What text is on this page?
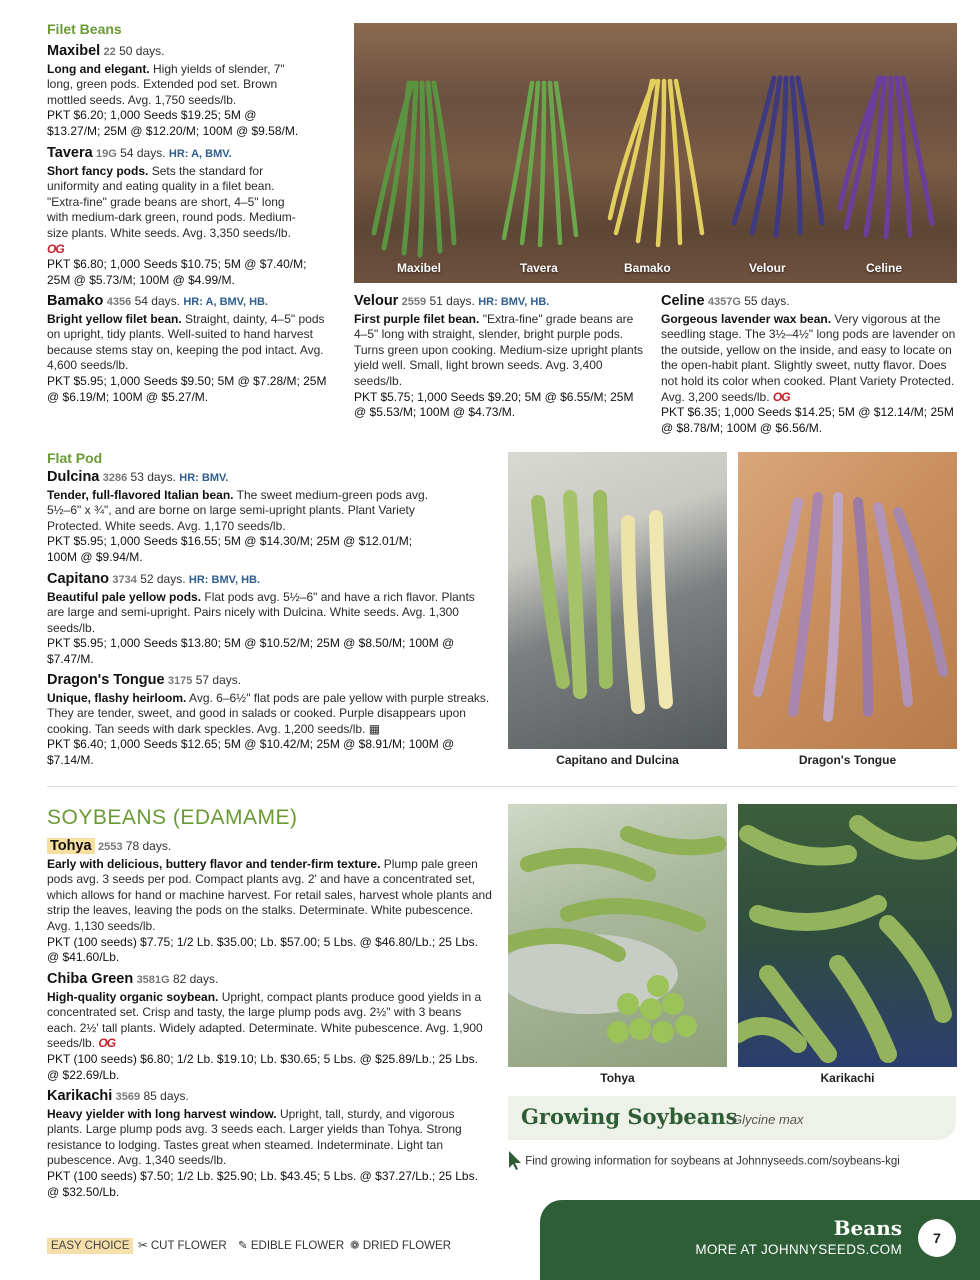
Filet Beans
Maxibel 22 50 days.
Long and elegant. High yields of slender, 7" long, green pods. Extended pod set. Brown mottled seeds. Avg. 1,750 seeds/lb.
PKT $6.20; 1,000 Seeds $19.25; 5M @ $13.27/M; 25M @ $12.20/M; 100M @ $9.58/M.
Tavera 19G 54 days. HR: A, BMV.
Short fancy pods. Sets the standard for uniformity and eating quality in a filet bean. "Extra-fine" grade beans are short, 4–5" long with medium-dark green, round pods. Medium-size plants. White seeds. Avg. 3,350 seeds/lb. OG
PKT $6.80; 1,000 Seeds $10.75; 5M @ $7.40/M; 25M @ $5.73/M; 100M @ $4.99/M.
Bamako 4356 54 days. HR: A, BMV, HB.
Bright yellow filet bean. Straight, dainty, 4–5" pods on upright, tidy plants. Well-suited to hand harvest because stems stay on, keeping the pod intact. Avg. 4,600 seeds/lb.
PKT $5.95; 1,000 Seeds $9.50; 5M @ $7.28/M; 25M @ $6.19/M; 100M @ $5.27/M.
Maxibel	Tavera	Bamako	Velour	Celine
Velour 2559 51 days. HR: BMV, HB.
First purple filet bean. "Extra-fine" grade beans are 4–5" long with straight, slender, bright purple pods. Turns green upon cooking. Medium-size upright plants yield well. Small, light brown seeds. Avg. 3,400 seeds/lb.
PKT $5.75; 1,000 Seeds $9.20; 5M @ $6.55/M; 25M @ $5.53/M; 100M @ $4.73/M.
Celine 4357G 55 days.
Gorgeous lavender wax bean. Very vigorous at the seedling stage. The 3½–4½" long pods are lavender on the outside, yellow on the inside, and easy to locate on the open-habit plant. Slightly sweet, nutty flavor. Does not hold its color when cooked. Plant Variety Protected. Avg. 3,200 seeds/lb. OG
PKT $6.35; 1,000 Seeds $14.25; 5M @ $12.14/M; 25M @ $8.78/M; 100M @ $6.56/M.
Flat Pod
Dulcina 3286 53 days. HR: BMV.
Tender, full-flavored Italian bean. The sweet medium-green pods avg. 5½–6" x ¾", and are borne on large semi-upright plants. Plant Variety Protected. White seeds. Avg. 1,170 seeds/lb.
PKT $5.95; 1,000 Seeds $16.55; 5M @ $14.30/M; 25M @ $12.01/M; 100M @ $9.94/M.
Capitano 3734 52 days. HR: BMV, HB.
Beautiful pale yellow pods. Flat pods avg. 5½–6" and have a rich flavor. Plants are large and semi-upright. Pairs nicely with Dulcina. White seeds. Avg. 1,300 seeds/lb.
PKT $5.95; 1,000 Seeds $13.80; 5M @ $10.52/M; 25M @ $8.50/M; 100M @ $7.47/M.
Dragon's Tongue 3175 57 days.
Unique, flashy heirloom. Avg. 6–6½" flat pods are pale yellow with purple streaks. They are tender, sweet, and good in salads or cooked. Purple disappears upon cooking. Tan seeds with dark speckles. Avg. 1,200 seeds/lb. ▦
PKT $6.40; 1,000 Seeds $12.65; 5M @ $10.42/M; 25M @ $8.91/M; 100M @ $7.14/M.	Capitano and Dulcina	Dragon's Tongue
SOYBEANS (EDAMAME)
Tohya 2553 78 days.
Early with delicious, buttery flavor and tender-firm texture. Plump pale green pods avg. 3 seeds per pod. Compact plants avg. 2' and have a concentrated set, which allows for hand or machine harvest. For retail sales, harvest whole plants and strip the leaves, leaving the pods on the stalks. Determinate. White pubescence. Avg. 1,130 seeds/lb.
PKT (100 seeds) $7.75; 1/2 Lb. $35.00; Lb. $57.00; 5 Lbs. @ $46.80/Lb.; 25 Lbs. @ $41.60/Lb.
Chiba Green 3581G 82 days.
High-quality organic soybean. Upright, compact plants produce good yields in a concentrated set. Crisp and tasty, the large plump pods avg. 2½" with 3 beans each. 2½' tall plants. Widely adapted. Determinate. White pubescence. Avg. 1,900 seeds/lb. OG
PKT (100 seeds) $6.80; 1/2 Lb. $19.10; Lb. $30.65; 5 Lbs. @ $25.89/Lb.; 25 Lbs. @ $22.69/Lb.
Karikachi 3569 85 days.
Heavy yielder with long harvest window. Upright, tall, sturdy, and vigorous plants. Large plump pods avg. 3 seeds each. Larger yields than Tohya. Strong resistance to lodging. Tastes great when steamed. Indeterminate. Light tan pubescence. Avg. 1,340 seeds/lb.
PKT (100 seeds) $7.50; 1/2 Lb. $25.90; Lb. $43.45; 5 Lbs. @ $37.27/Lb.; 25 Lbs. @ $32.50/Lb.
Tohya	Karikachi
Growing Soybeans
Glycine max
Find growing information for soybeans at Johnnyseeds.com/soybeans-kgi
EASY CHOICE ✂ CUT FLOWER ✎ EDIBLE FLOWER ❁ DRIED FLOWER
Beans
MORE AT JOHNNYSEEDS.COM
7
